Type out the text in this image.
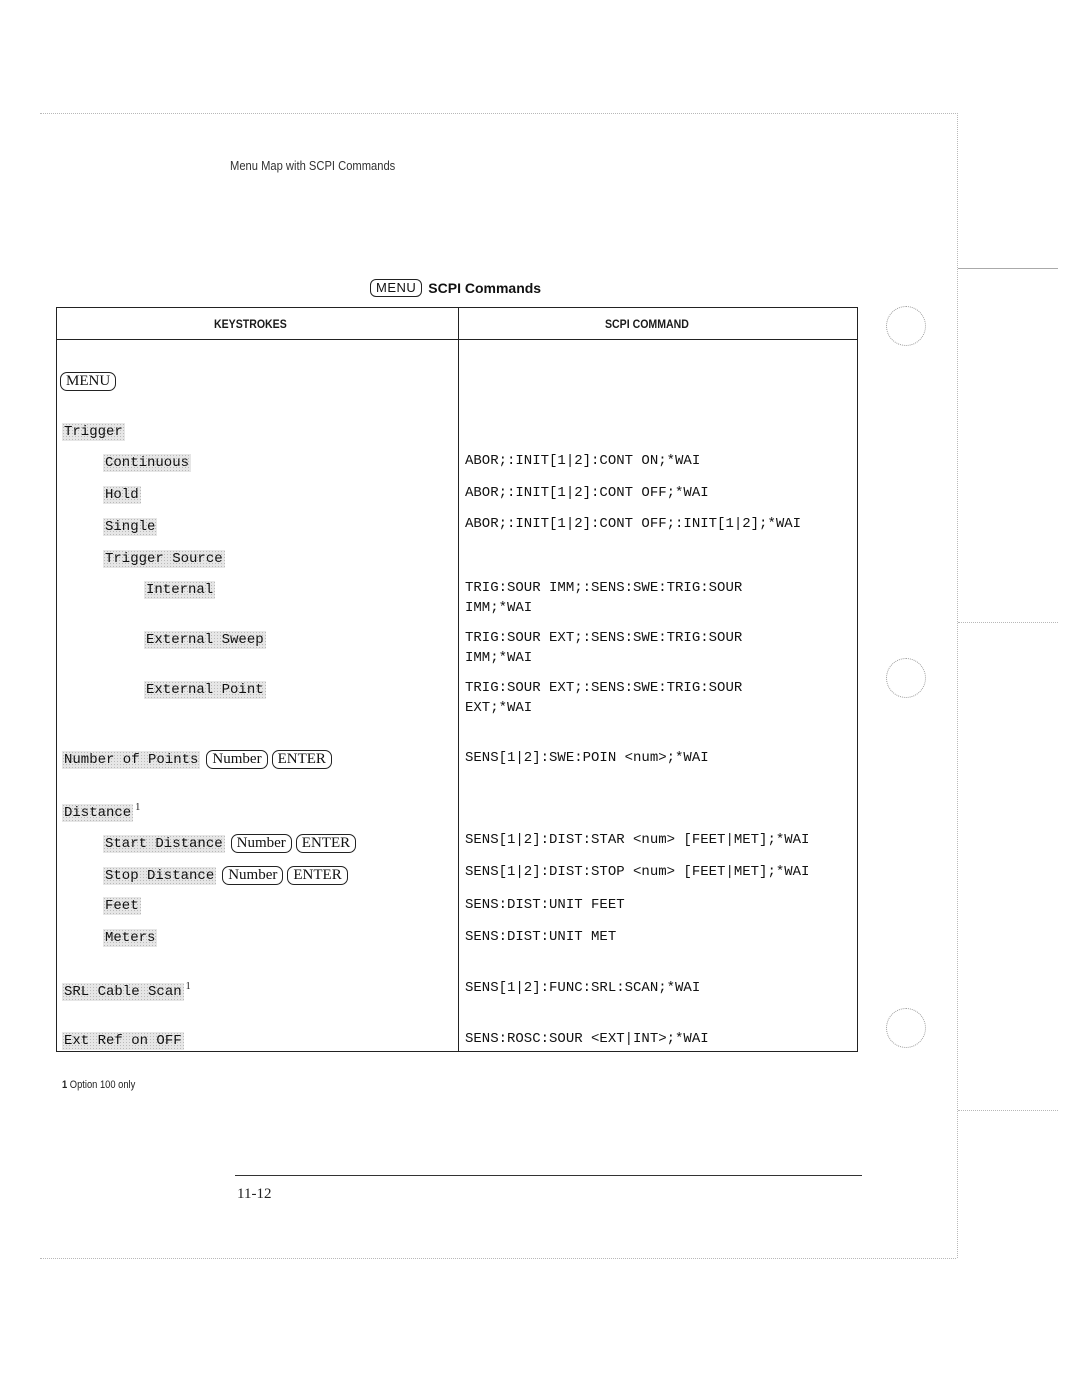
Menu Map with SCPI Commands
MENU SCPI Commands
KEYSTROKES	SCPI COMMAND
MENU
Trigger
Continuous
Hold
Single
Trigger Source
Internal
External Sweep
External Point
Number of Points Number ENTER
Distance $^1$
Start Distance Number ENTER
Stop Distance Number ENTER
Feet
Meters
SRL Cable Scan $^1$
Ext Ref on OFF
ABOR;:INIT[1|2]:CONT ON;*WAI
ABOR;:INIT[1|2]:CONT OFF;*WAI
ABOR;:INIT[1|2]:CONT OFF;:INIT[1|2];*WAI
TRIG:SOUR IMM;:SENS:SWE:TRIG:SOUR
IMM;*WAI
TRIG:SOUR EXT;:SENS:SWE:TRIG:SOUR
IMM;*WAI
TRIG:SOUR EXT;:SENS:SWE:TRIG:SOUR
EXT;*WAI
SENS[1|2]:SWE:POIN <num>;*WAI
SENS[1|2]:DIST:STAR <num> [FEET|MET];*WAI
SENS[1|2]:DIST:STOP <num> [FEET|MET];*WAI
SENS:DIST:UNIT FEET
SENS:DIST:UNIT MET
SENS[1|2]:FUNC:SRL:SCAN;*WAI
SENS:ROSC:SOUR <EXT|INT>;*WAI
1 Option 100 only
11-12
